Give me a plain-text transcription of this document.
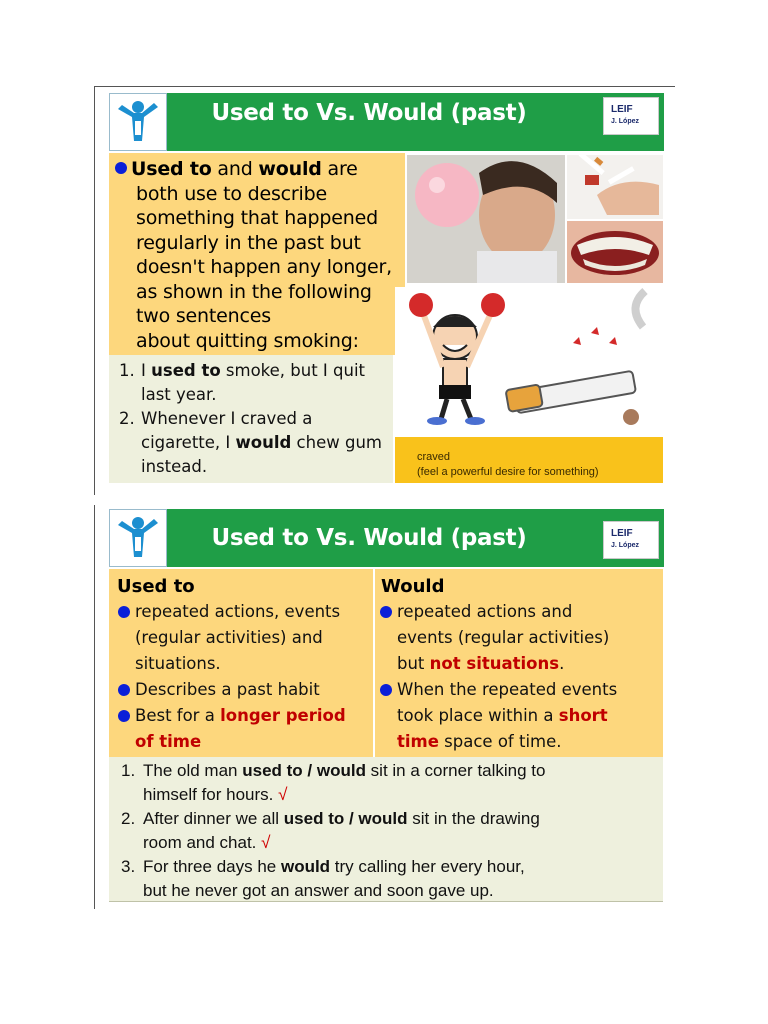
Used to Vs. Would (past)	LEIF
J. López
Used to and would are
both use to describe
something that happened
regularly in the past but
doesn't happen any longer,
as shown in the following
two sentences
about quitting smoking:
1. I used to smoke, but I quit
last year.
2. Whenever I craved a
cigarette, I would chew gum
instead.	craved
(feel a powerful desire for something)
Used to Vs. Would (past)	LEIF
J. López
Used to
repeated actions, events
(regular activities) and
situations.
Describes a past habit
Best for a longer period
of time
Would
repeated actions and
events (regular activities)
but not situations.
When the repeated events
took place within a short
time space of time.
1. The old man used to / would sit in a corner talking to
himself for hours. √
2. After dinner we all used to / would sit in the drawing
room and chat. √
3. For three days he would try calling her every hour,
but he never got an answer and soon gave up.
